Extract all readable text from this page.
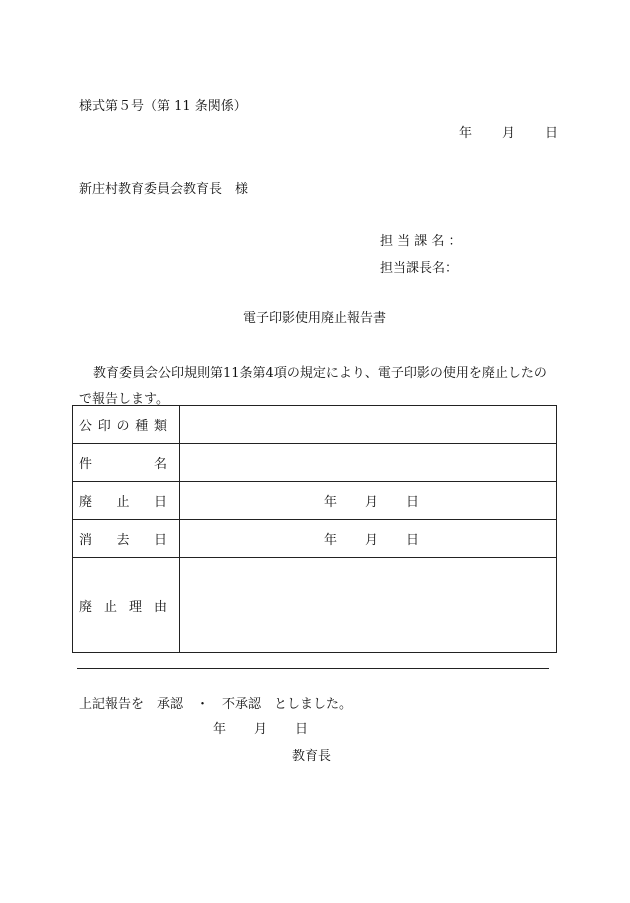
様式第５号（第 11 条関係）
年 月 日
新庄村教育委員会教育長　様
担 当 課 名 ：
担当課長名：
電子印影使用廃止報告書
教育委員会公印規則第11条第4項の規定により、電子印影の使用を廃止したの
で報告します。
公 印 の 種 類	

件 名	

廃 止 日	年 月 日

消 去 日	年 月 日

廃 止 理 由	

上記報告を　承認　・　不承認　としました。
年 月 日
教育長
